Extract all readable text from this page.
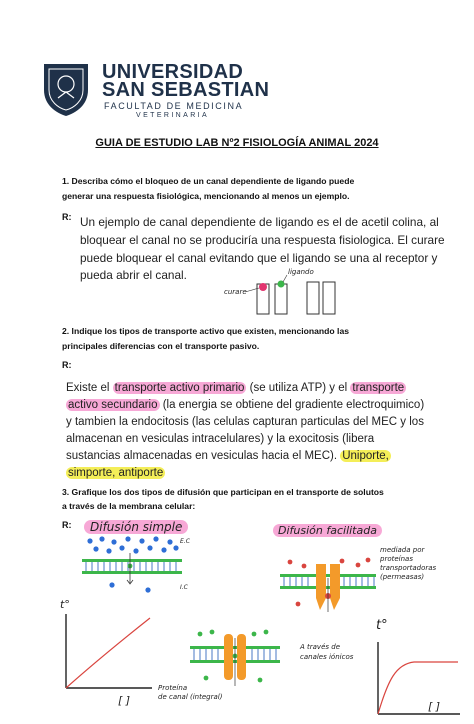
UNIVERSIDAD
SAN SEBASTIAN
FACULTAD DE MEDICINA
VETERINARIA
GUIA DE ESTUDIO LAB Nº2 FISIOLOGÍA ANIMAL 2024
1. Describa cómo el bloqueo de un canal dependiente de ligando puede
generar una respuesta fisiológica, mencionando al menos un ejemplo.
R: Un ejemplo de canal dependiente de ligando es el de acetil colina, al
bloquear el canal no se produciría una respuesta fisiologica. El curare
puede bloquear el canal evitando que el ligando se una al receptor y
pueda abrir el canal.	ligando
curare
2. Indique los tipos de transporte activo que existen, mencionando las
principales diferencias con el transporte pasivo.
R:
Existe el transporte activo primario (se utiliza ATP) y el transporte
activo secundario (la energia se obtiene del gradiente electroquimico)
y tambien la endocitosis (las celulas capturan particulas del MEC y los
almacenan en vesiculas intracelulares) y la exocitosis (libera
sustancias almacenadas en vesiculas hacia el MEC). Uniporte,
simporte, antiporte
3. Grafique los dos tipos de difusión que participan en el transporte de solutos
a través de la membrana celular:
R:	Difusión simple
E.C
I.C
Difusión facilitada
mediada por
proteínas
transportadoras
(permeasas)
A través de
canales iónicos
Proteína
de canal (integral)
t°
[ ]
t°
[ ]
